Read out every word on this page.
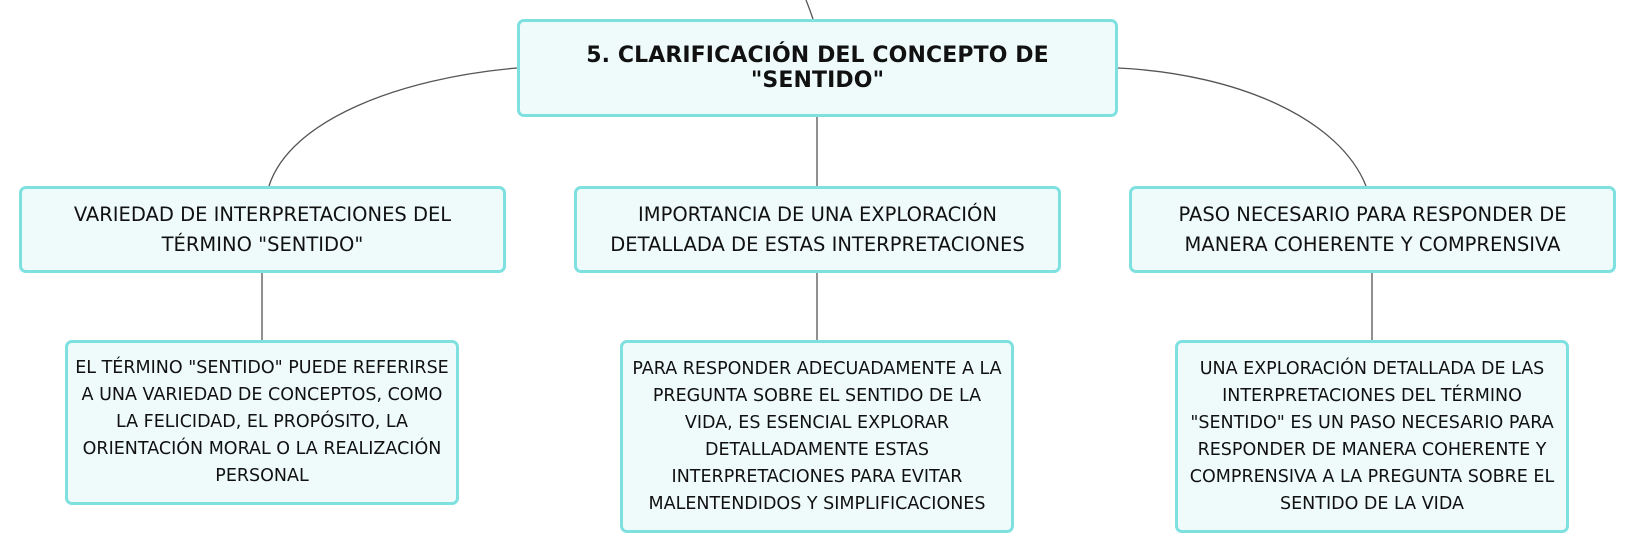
5. CLARIFICACIÓN DEL CONCEPTO DE "SENTIDO"
VARIEDAD DE INTERPRETACIONES DEL TÉRMINO "SENTIDO"
IMPORTANCIA DE UNA EXPLORACIÓN DETALLADA DE ESTAS INTERPRETACIONES
PASO NECESARIO PARA RESPONDER DE MANERA COHERENTE Y COMPRENSIVA
EL TÉRMINO "SENTIDO" PUEDE REFERIRSE A UNA VARIEDAD DE CONCEPTOS, COMO LA FELICIDAD, EL PROPÓSITO, LA ORIENTACIÓN MORAL O LA REALIZACIÓN PERSONAL
PARA RESPONDER ADECUADAMENTE A LA PREGUNTA SOBRE EL SENTIDO DE LA VIDA, ES ESENCIAL EXPLORAR DETALLADAMENTE ESTAS INTERPRETACIONES PARA EVITAR MALENTENDIDOS Y SIMPLIFICACIONES
UNA EXPLORACIÓN DETALLADA DE LAS INTERPRETACIONES DEL TÉRMINO "SENTIDO" ES UN PASO NECESARIO PARA RESPONDER DE MANERA COHERENTE Y COMPRENSIVA A LA PREGUNTA SOBRE EL SENTIDO DE LA VIDA
